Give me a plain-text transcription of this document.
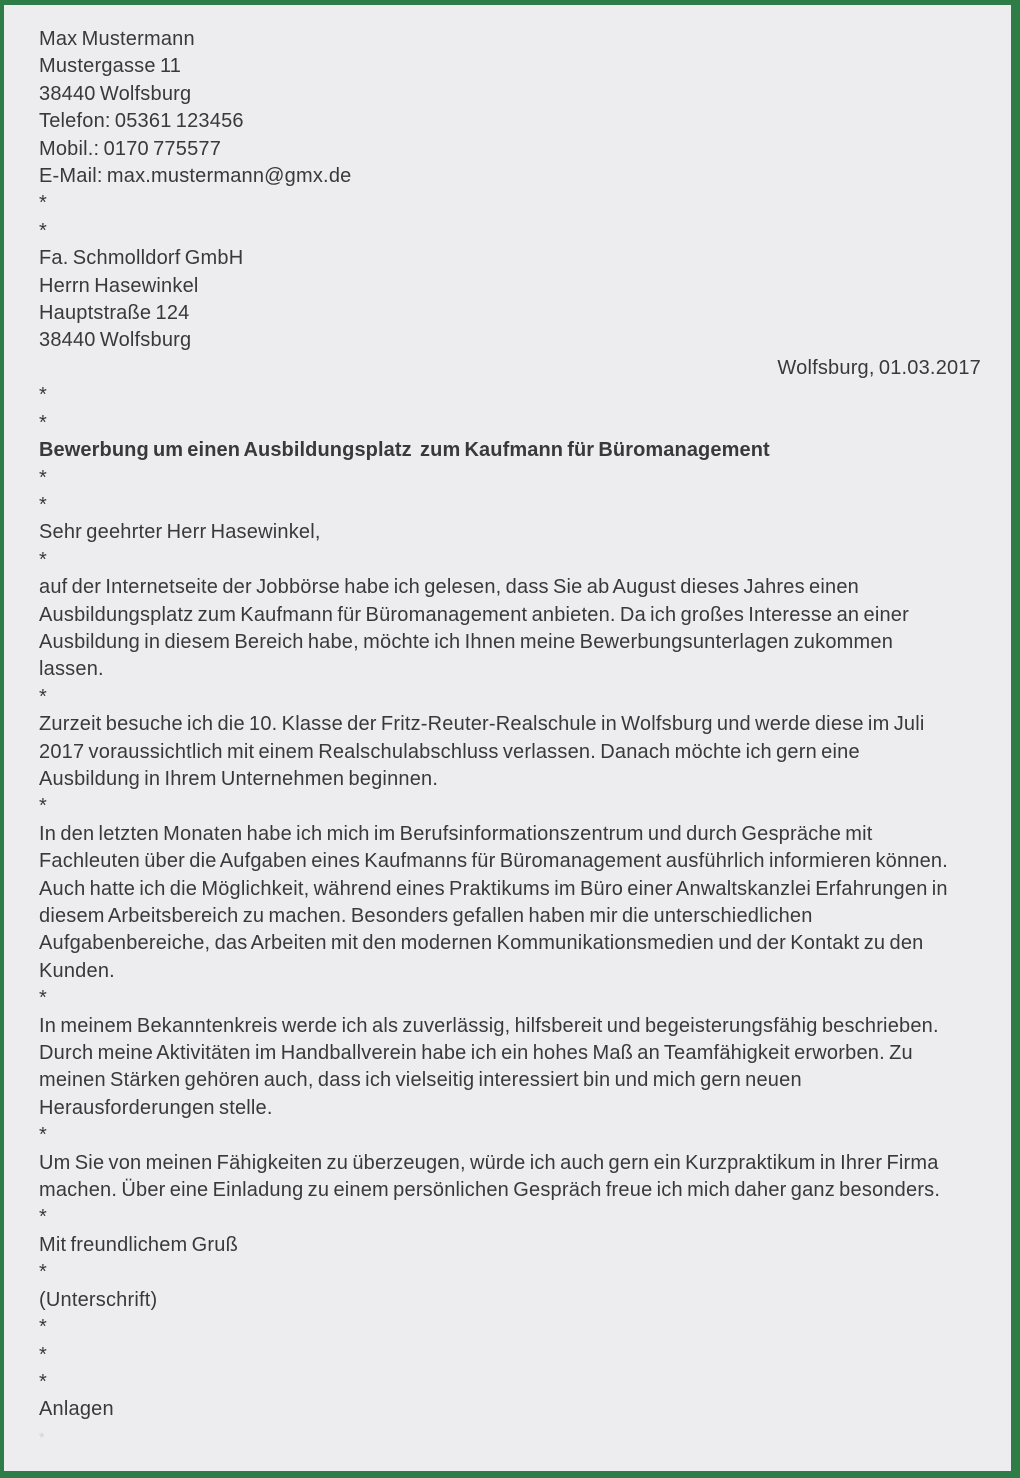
Max Mustermann
Mustergasse 11
38440 Wolfsburg
Telefon: 05361 123456
Mobil.: 0170 775577
E-Mail: max.mustermann@gmx.de
*
*
Fa. Schmolldorf GmbH
Herrn Hasewinkel
Hauptstraße 124
38440 Wolfsburg
Wolfsburg, 01.03.2017
*
*
Bewerbung um einen Ausbildungsplatz  zum Kaufmann für Büromanagement
*
*
Sehr geehrter Herr Hasewinkel,
*
auf der Internetseite der Jobbörse habe ich gelesen, dass Sie ab August dieses Jahres einen
Ausbildungsplatz zum Kaufmann für Büromanagement anbieten. Da ich großes Interesse an einer
Ausbildung in diesem Bereich habe, möchte ich Ihnen meine Bewerbungsunterlagen zukommen
lassen.
*
Zurzeit besuche ich die 10. Klasse der Fritz-Reuter-Realschule in Wolfsburg und werde diese im Juli
2017 voraussichtlich mit einem Realschulabschluss verlassen. Danach möchte ich gern eine
Ausbildung in Ihrem Unternehmen beginnen.
*
In den letzten Monaten habe ich mich im Berufsinformationszentrum und durch Gespräche mit
Fachleuten über die Aufgaben eines Kaufmanns für Büromanagement ausführlich informieren können.
Auch hatte ich die Möglichkeit, während eines Praktikums im Büro einer Anwaltskanzlei Erfahrungen in
diesem Arbeitsbereich zu machen. Besonders gefallen haben mir die unterschiedlichen
Aufgabenbereiche, das Arbeiten mit den modernen Kommunikationsmedien und der Kontakt zu den
Kunden.
*
In meinem Bekanntenkreis werde ich als zuverlässig, hilfsbereit und begeisterungsfähig beschrieben.
Durch meine Aktivitäten im Handballverein habe ich ein hohes Maß an Teamfähigkeit erworben. Zu
meinen Stärken gehören auch, dass ich vielseitig interessiert bin und mich gern neuen
Herausforderungen stelle.
*
Um Sie von meinen Fähigkeiten zu überzeugen, würde ich auch gern ein Kurzpraktikum in Ihrer Firma
machen. Über eine Einladung zu einem persönlichen Gespräch freue ich mich daher ganz besonders.
*
Mit freundlichem Gruß
*
(Unterschrift)
*
*
*
Anlagen
*
